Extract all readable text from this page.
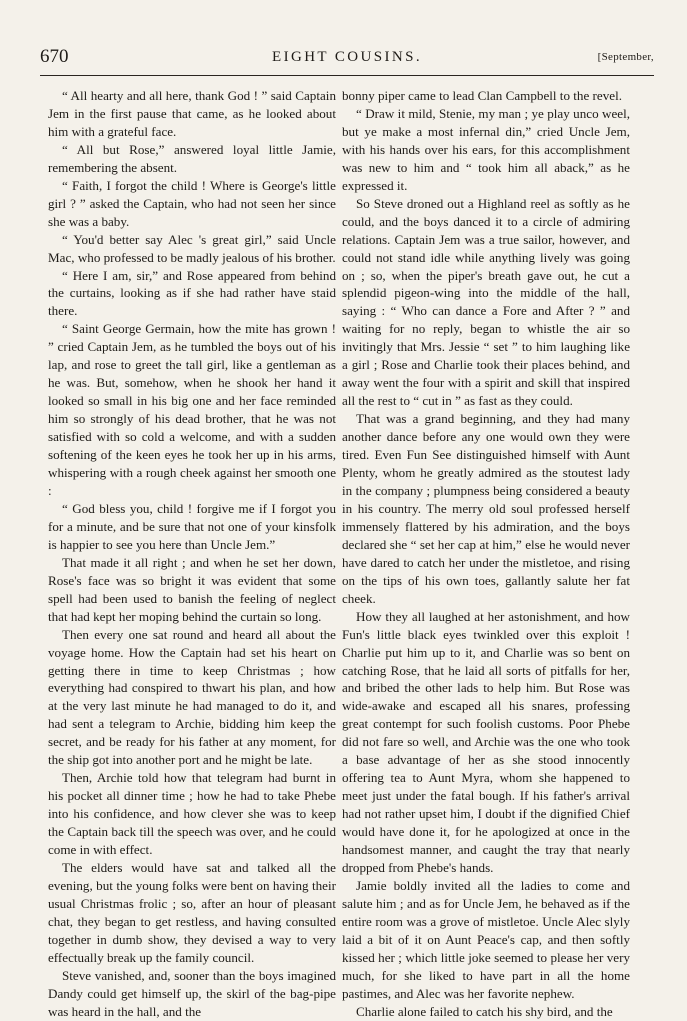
670	EIGHT COUSINS.	[September,

“ All hearty and all here, thank God ! ” said Captain Jem in the first pause that came, as he looked about him with a grateful face.

“ All but Rose,” answered loyal little Jamie, remembering the absent.

“ Faith, I forgot the child ! Where is George's little girl ? ” asked the Captain, who had not seen her since she was a baby.

“ You'd better say Alec 's great girl,” said Uncle Mac, who professed to be madly jealous of his brother.

“ Here I am, sir,” and Rose appeared from behind the curtains, looking as if she had rather have staid there.

“ Saint George Germain, how the mite has grown ! ” cried Captain Jem, as he tumbled the boys out of his lap, and rose to greet the tall girl, like a gentleman as he was. But, somehow, when he shook her hand it looked so small in his big one and her face reminded him so strongly of his dead brother, that he was not satisfied with so cold a welcome, and with a sudden softening of the keen eyes he took her up in his arms, whispering with a rough cheek against her smooth one :

“ God bless you, child ! forgive me if I forgot you for a minute, and be sure that not one of your kinsfolk is happier to see you here than Uncle Jem.”

That made it all right ; and when he set her down, Rose's face was so bright it was evident that some spell had been used to banish the feeling of neglect that had kept her moping behind the curtain so long.

Then every one sat round and heard all about the voyage home. How the Captain had set his heart on getting there in time to keep Christmas ; how everything had conspired to thwart his plan, and how at the very last minute he had managed to do it, and had sent a telegram to Archie, bidding him keep the secret, and be ready for his father at any moment, for the ship got into another port and he might be late.

Then, Archie told how that telegram had burnt in his pocket all dinner time ; how he had to take Phebe into his confidence, and how clever she was to keep the Captain back till the speech was over, and he could come in with effect.

The elders would have sat and talked all the evening, but the young folks were bent on having their usual Christmas frolic ; so, after an hour of pleasant chat, they began to get restless, and having consulted together in dumb show, they devised a way to very effectually break up the family council.

Steve vanished, and, sooner than the boys imagined Dandy could get himself up, the skirl of the bag-pipe was heard in the hall, and the

bonny piper came to lead Clan Campbell to the revel.

“ Draw it mild, Stenie, my man ; ye play unco weel, but ye make a most infernal din,” cried Uncle Jem, with his hands over his ears, for this accomplishment was new to him and “ took him all aback,” as he expressed it.

So Steve droned out a Highland reel as softly as he could, and the boys danced it to a circle of admiring relations. Captain Jem was a true sailor, however, and could not stand idle while anything lively was going on ; so, when the piper's breath gave out, he cut a splendid pigeon-wing into the middle of the hall, saying : “ Who can dance a Fore and After ? ” and waiting for no reply, began to whistle the air so invitingly that Mrs. Jessie “ set ” to him laughing like a girl ; Rose and Charlie took their places behind, and away went the four with a spirit and skill that inspired all the rest to “ cut in ” as fast as they could.

That was a grand beginning, and they had many another dance before any one would own they were tired. Even Fun See distinguished himself with Aunt Plenty, whom he greatly admired as the stoutest lady in the company ; plumpness being considered a beauty in his country. The merry old soul professed herself immensely flattered by his admiration, and the boys declared she “ set her cap at him,” else he would never have dared to catch her under the mistletoe, and rising on the tips of his own toes, gallantly salute her fat cheek.

How they all laughed at her astonishment, and how Fun's little black eyes twinkled over this exploit ! Charlie put him up to it, and Charlie was so bent on catching Rose, that he laid all sorts of pitfalls for her, and bribed the other lads to help him. But Rose was wide-awake and escaped all his snares, professing great contempt for such foolish customs. Poor Phebe did not fare so well, and Archie was the one who took a base advantage of her as she stood innocently offering tea to Aunt Myra, whom she happened to meet just under the fatal bough. If his father's arrival had not rather upset him, I doubt if the dignified Chief would have done it, for he apologized at once in the handsomest manner, and caught the tray that nearly dropped from Phebe's hands.

Jamie boldly invited all the ladies to come and salute him ; and as for Uncle Jem, he behaved as if the entire room was a grove of mistletoe. Uncle Alec slyly laid a bit of it on Aunt Peace's cap, and then softly kissed her ; which little joke seemed to please her very much, for she liked to have part in all the home pastimes, and Alec was her favorite nephew.

Charlie alone failed to catch his shy bird, and the
